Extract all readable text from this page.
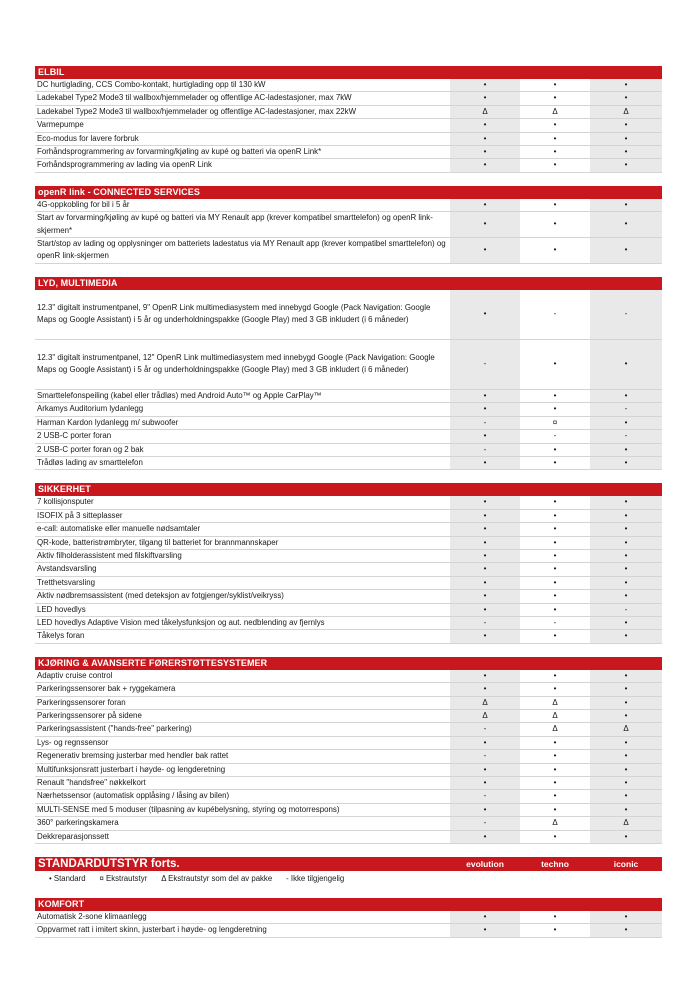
ELBIL
DC hurtiglading, CCS Combo-kontakt, hurtiglading opp til 130 kW	•	•	•
Ladekabel Type2 Mode3 til wallbox/hjemmelader og offentlige AC-ladestasjoner, max 7kW	•	•	•
Ladekabel Type2 Mode3 til wallbox/hjemmelader og offentlige AC-ladestasjoner, max 22kW	Δ	Δ	Δ
Varmepumpe	•	•	•
Eco-modus for lavere forbruk	•	•	•
Forhåndsprogrammering av forvarming/kjøling av kupé og batteri via openR Link*	•	•	•
Forhåndsprogrammering av lading via openR Link	•	•	•
openR link - CONNECTED SERVICES
4G-oppkobling for bil i 5 år	•	•	•
Start av forvarming/kjøling av kupé og batteri via MY Renault app (krever kompatibel smarttelefon) og openR link-skjermen*
•	•	•
Start/stop av lading og opplysninger om batteriets ladestatus via MY Renault app (krever kompatibel smarttelefon) og openR link-skjermen
•	•	•
LYD, MULTIMEDIA
12.3" digitalt instrumentpanel, 9" OpenR Link multimediasystem med innebygd Google (Pack Navigation: Google Maps og Google Assistant) i 5 år og underholdningspakke (Google Play) med 3 GB inkludert (i 6 måneder)
•	-	-
12.3" digitalt instrumentpanel, 12" OpenR Link multimediasystem med innebygd Google (Pack Navigation: Google Maps og Google Assistant) i 5 år og underholdningspakke (Google Play) med 3 GB inkludert (i 6 måneder)
-	•	•
Smarttelefonspeiling (kabel eller trådløs) med Android Auto™ og Apple CarPlay™	•	•	•
Arkamys Auditorium lydanlegg	•	•	-
Harman Kardon lydanlegg m/ subwoofer	-	¤	•
2 USB-C porter foran	•	-	-
2 USB-C porter foran og 2 bak	-	•	•
Trådløs lading av smarttelefon	•	•	•
SIKKERHET
7 kollisjonsputer	•	•	•
ISOFIX på 3 sitteplasser	•	•	•
e-call: automatiske eller manuelle nødsamtaler	•	•	•
QR-kode, batteristrømbryter, tilgang til batteriet for brannmannskaper	•	•	•
Aktiv filholderassistent med filskiftvarsling	•	•	•
Avstandsvarsling	•	•	•
Tretthetsvarsling	•	•	•
Aktiv nødbremsassistent (med deteksjon av fotgjenger/syklist/veikryss)	•	•	•
LED hovedlys	•	•	-
LED hovedlys Adaptive Vision med tåkelysfunksjon og aut. nedblending av fjernlys	-	-	•
Tåkelys foran	•	•	•
KJØRING & AVANSERTE FØRERSTØTTESYSTEMER
Adaptiv cruise control	•	•	•
Parkeringssensorer bak + ryggekamera	•	•	•
Parkeringssensorer foran	Δ	Δ	•
Parkeringssensorer på sidene	Δ	Δ	•
Parkeringsassistent ("hands-free" parkering)	-	Δ	Δ
Lys- og regnssensor	•	•	•
Regenerativ bremsing justerbar med hendler bak rattet	-	•	•
Multifunksjonsratt justerbart i høyde- og lengderetning	•	•	•
Renault "handsfree" nøkkelkort	•	•	•
Nærhetssensor (automatisk opplåsing / låsing av bilen)	-	•	•
MULTI-SENSE med 5 moduser (tilpasning av kupébelysning, styring og motorrespons)	•	•	•
360° parkeringskamera	-	Δ	Δ
Dekkreparasjonssett	•	•	•
STANDARDUTSTYR forts.	evolution	techno	iconic
• Standard ¤ Ekstrautstyr Δ Ekstrautstyr som del av pakke - Ikke tilgjengelig
KOMFORT
Automatisk 2-sone klimaanlegg	•	•	•
Oppvarmet ratt i imitert skinn, justerbart i høyde- og lengderetning	•	•	•
